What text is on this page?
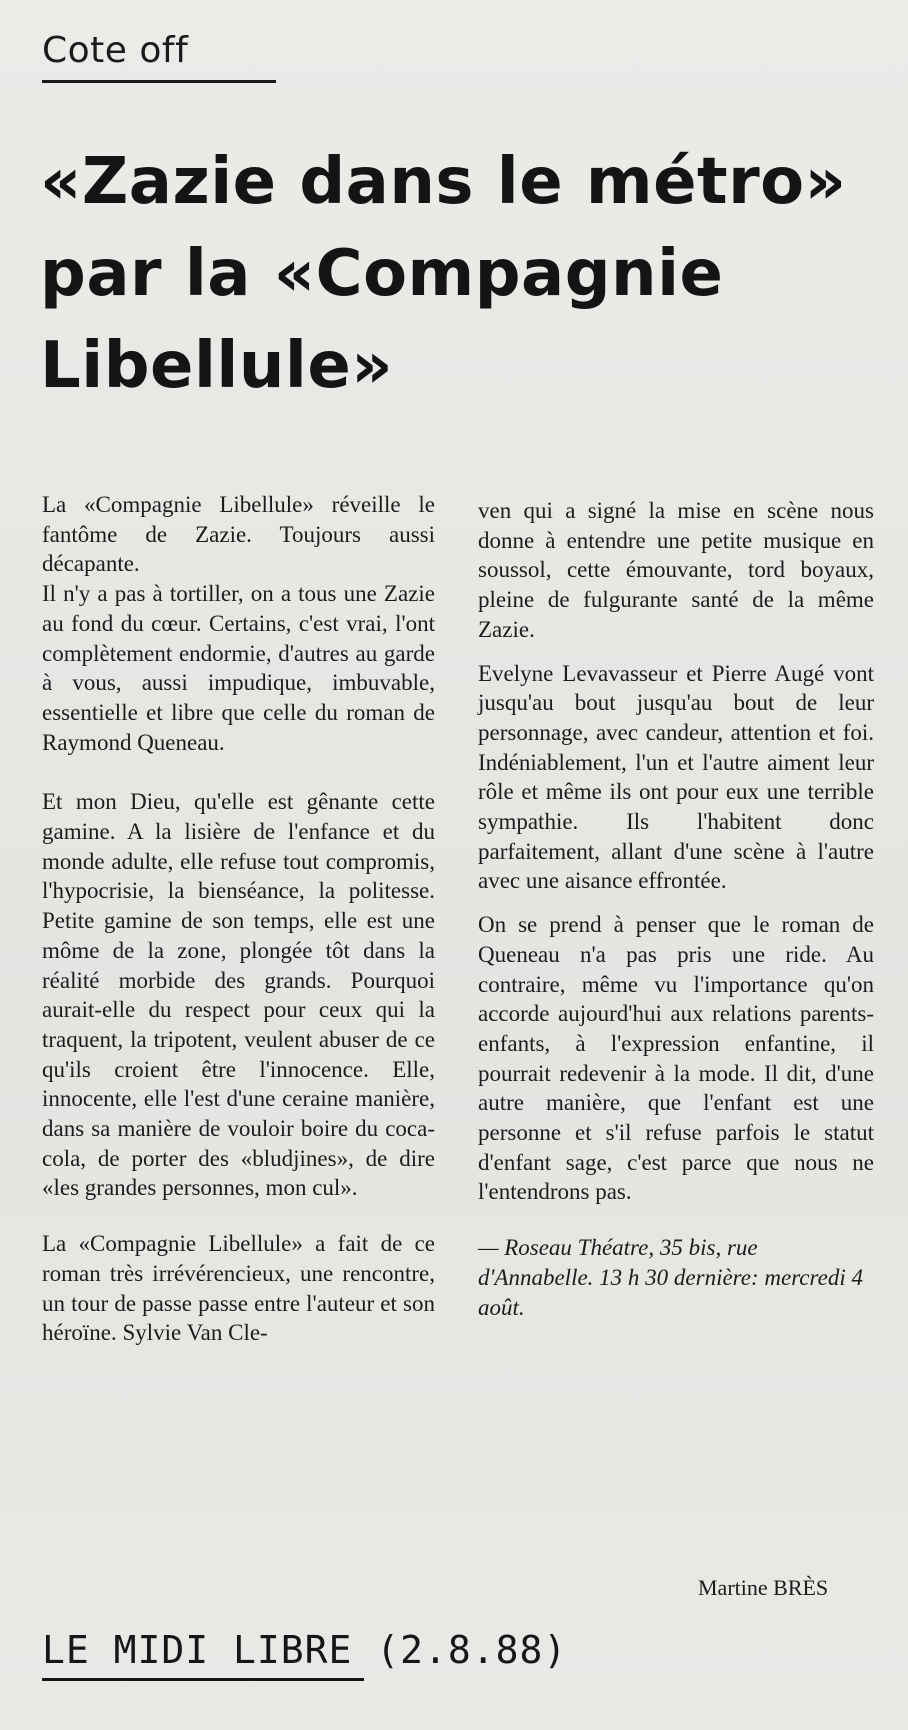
Cote off
«Zazie dans le métro»
par la «Compagnie
Libellule»

La «Compagnie Libellule» réveille le fantôme de Zazie. Toujours aussi décapante.

Il n'y a pas à tortiller, on a tous une Zazie au fond du cœur. Certains, c'est vrai, l'ont complètement endormie, d'autres au garde à vous, aussi impudique, imbuvable, essentielle et libre que celle du roman de Raymond Queneau.

Et mon Dieu, qu'elle est gênante cette gamine. A la lisière de l'enfance et du monde adulte, elle refuse tout compromis, l'hypocrisie, la bienséance, la politesse. Petite gamine de son temps, elle est une môme de la zone, plongée tôt dans la réalité morbide des grands. Pourquoi aurait-elle du respect pour ceux qui la traquent, la tripotent, veulent abuser de ce qu'ils croient être l'innocence. Elle, innocente, elle l'est d'une ceraine manière, dans sa manière de vouloir boire du coca-cola, de porter des «bludjines», de dire «les grandes personnes, mon cul».

La «Compagnie Libellule» a fait de ce roman très irrévérencieux, une rencontre, un tour de passe passe entre l'auteur et son héroïne. Sylvie Van Cle-

ven qui a signé la mise en scène nous donne à entendre une petite musique en soussol, cette émouvante, tord boyaux, pleine de fulgurante santé de la même Zazie.

Evelyne Levavasseur et Pierre Augé vont jusqu'au bout jusqu'au bout de leur personnage, avec candeur, attention et foi. Indéniablement, l'un et l'autre aiment leur rôle et même ils ont pour eux une terrible sympathie. Ils l'habitent donc parfaitement, allant d'une scène à l'autre avec une aisance effrontée.

On se prend à penser que le roman de Queneau n'a pas pris une ride. Au contraire, même vu l'importance qu'on accorde aujourd'hui aux relations parents-enfants, à l'expression enfantine, il pourrait redevenir à la mode. Il dit, d'une autre manière, que l'enfant est une personne et s'il refuse parfois le statut d'enfant sage, c'est parce que nous ne l'entendrons pas.

— Roseau Théatre, 35 bis, rue d'Annabelle. 13 h 30 dernière: mercredi 4 août.

Martine BRÈS
LE MIDI LIBRE (2.8.88)
